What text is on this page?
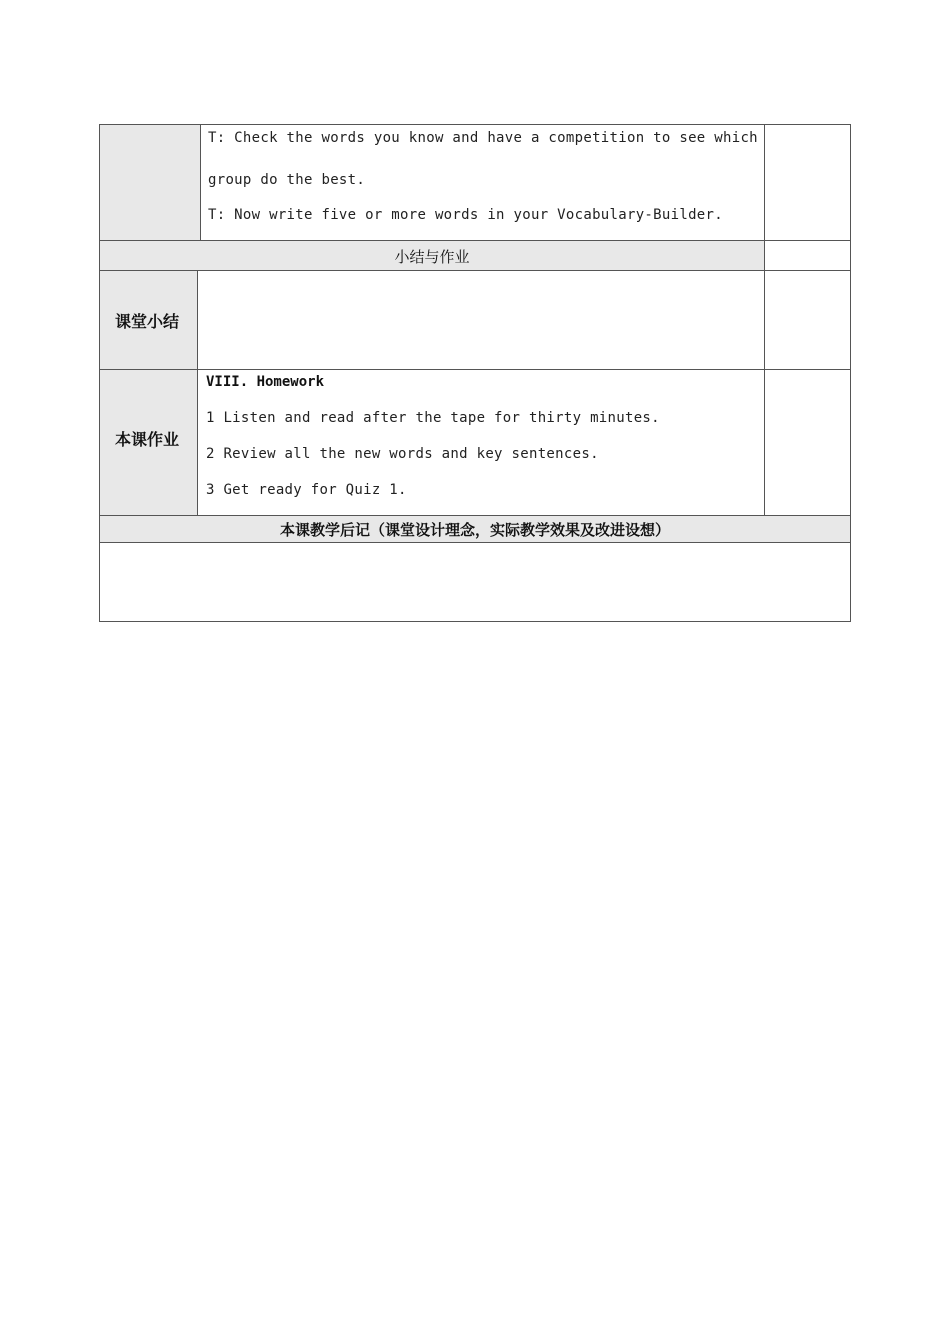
T: Check the words you know and have a competition to see which
group do the best.
T: Now write five or more words in your Vocabulary-Builder.
小结与作业
课堂小结
本课作业
VIII. Homework
1 Listen and read after the tape for thirty minutes.
2 Review all the new words and key sentences.
3 Get ready for Quiz 1.
本课教学后记（课堂设计理念，实际教学效果及改进设想）
